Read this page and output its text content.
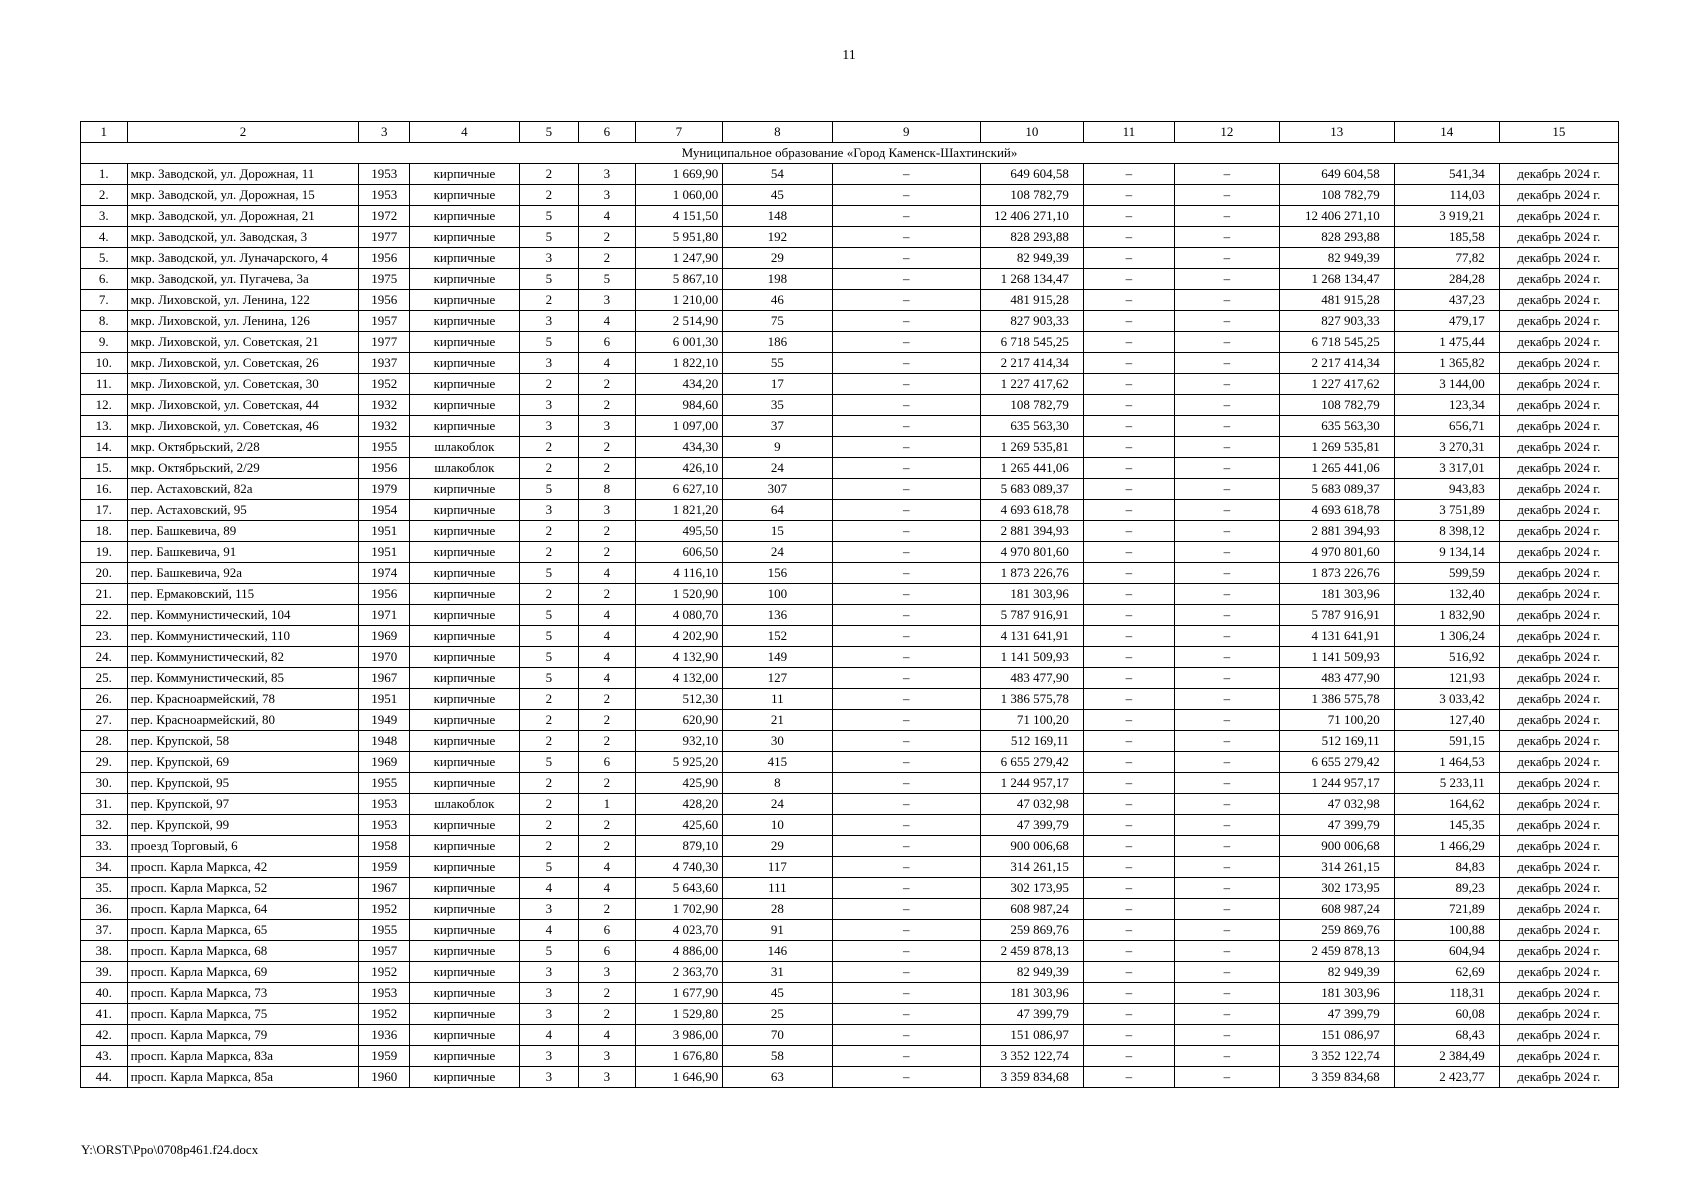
11
1	2	3	4	5	6	7	8	9	10	11	12	13	14	15
Муниципальное образование «Город Каменск-Шахтинский»														
1.	мкр. Заводской, ул. Дорожная, 11	1953	кирпичные	2	3	1 669,90	54	–	649 604,58	–	–	649 604,58	541,34	декабрь 2024 г.
2.	мкр. Заводской, ул. Дорожная, 15	1953	кирпичные	2	3	1 060,00	45	–	108 782,79	–	–	108 782,79	114,03	декабрь 2024 г.
3.	мкр. Заводской, ул. Дорожная, 21	1972	кирпичные	5	4	4 151,50	148	–	12 406 271,10	–	–	12 406 271,10	3 919,21	декабрь 2024 г.
4.	мкр. Заводской, ул. Заводская, 3	1977	кирпичные	5	2	5 951,80	192	–	828 293,88	–	–	828 293,88	185,58	декабрь 2024 г.
5.	мкр. Заводской, ул. Луначарского, 4	1956	кирпичные	3	2	1 247,90	29	–	82 949,39	–	–	82 949,39	77,82	декабрь 2024 г.
6.	мкр. Заводской, ул. Пугачева, 3а	1975	кирпичные	5	5	5 867,10	198	–	1 268 134,47	–	–	1 268 134,47	284,28	декабрь 2024 г.
7.	мкр. Лиховской, ул. Ленина, 122	1956	кирпичные	2	3	1 210,00	46	–	481 915,28	–	–	481 915,28	437,23	декабрь 2024 г.
8.	мкр. Лиховской, ул. Ленина, 126	1957	кирпичные	3	4	2 514,90	75	–	827 903,33	–	–	827 903,33	479,17	декабрь 2024 г.
9.	мкр. Лиховской, ул. Советская, 21	1977	кирпичные	5	6	6 001,30	186	–	6 718 545,25	–	–	6 718 545,25	1 475,44	декабрь 2024 г.
10.	мкр. Лиховской, ул. Советская, 26	1937	кирпичные	3	4	1 822,10	55	–	2 217 414,34	–	–	2 217 414,34	1 365,82	декабрь 2024 г.
11.	мкр. Лиховской, ул. Советская, 30	1952	кирпичные	2	2	434,20	17	–	1 227 417,62	–	–	1 227 417,62	3 144,00	декабрь 2024 г.
12.	мкр. Лиховской, ул. Советская, 44	1932	кирпичные	3	2	984,60	35	–	108 782,79	–	–	108 782,79	123,34	декабрь 2024 г.
13.	мкр. Лиховской, ул. Советская, 46	1932	кирпичные	3	3	1 097,00	37	–	635 563,30	–	–	635 563,30	656,71	декабрь 2024 г.
14.	мкр. Октябрьский, 2/28	1955	шлакоблок	2	2	434,30	9	–	1 269 535,81	–	–	1 269 535,81	3 270,31	декабрь 2024 г.
15.	мкр. Октябрьский, 2/29	1956	шлакоблок	2	2	426,10	24	–	1 265 441,06	–	–	1 265 441,06	3 317,01	декабрь 2024 г.
16.	пер. Астаховский, 82а	1979	кирпичные	5	8	6 627,10	307	–	5 683 089,37	–	–	5 683 089,37	943,83	декабрь 2024 г.
17.	пер. Астаховский, 95	1954	кирпичные	3	3	1 821,20	64	–	4 693 618,78	–	–	4 693 618,78	3 751,89	декабрь 2024 г.
18.	пер. Башкевича, 89	1951	кирпичные	2	2	495,50	15	–	2 881 394,93	–	–	2 881 394,93	8 398,12	декабрь 2024 г.
19.	пер. Башкевича, 91	1951	кирпичные	2	2	606,50	24	–	4 970 801,60	–	–	4 970 801,60	9 134,14	декабрь 2024 г.
20.	пер. Башкевича, 92а	1974	кирпичные	5	4	4 116,10	156	–	1 873 226,76	–	–	1 873 226,76	599,59	декабрь 2024 г.
21.	пер. Ермаковский, 115	1956	кирпичные	2	2	1 520,90	100	–	181 303,96	–	–	181 303,96	132,40	декабрь 2024 г.
22.	пер. Коммунистический, 104	1971	кирпичные	5	4	4 080,70	136	–	5 787 916,91	–	–	5 787 916,91	1 832,90	декабрь 2024 г.
23.	пер. Коммунистический, 110	1969	кирпичные	5	4	4 202,90	152	–	4 131 641,91	–	–	4 131 641,91	1 306,24	декабрь 2024 г.
24.	пер. Коммунистический, 82	1970	кирпичные	5	4	4 132,90	149	–	1 141 509,93	–	–	1 141 509,93	516,92	декабрь 2024 г.
25.	пер. Коммунистический, 85	1967	кирпичные	5	4	4 132,00	127	–	483 477,90	–	–	483 477,90	121,93	декабрь 2024 г.
26.	пер. Красноармейский, 78	1951	кирпичные	2	2	512,30	11	–	1 386 575,78	–	–	1 386 575,78	3 033,42	декабрь 2024 г.
27.	пер. Красноармейский, 80	1949	кирпичные	2	2	620,90	21	–	71 100,20	–	–	71 100,20	127,40	декабрь 2024 г.
28.	пер. Крупской, 58	1948	кирпичные	2	2	932,10	30	–	512 169,11	–	–	512 169,11	591,15	декабрь 2024 г.
29.	пер. Крупской, 69	1969	кирпичные	5	6	5 925,20	415	–	6 655 279,42	–	–	6 655 279,42	1 464,53	декабрь 2024 г.
30.	пер. Крупской, 95	1955	кирпичные	2	2	425,90	8	–	1 244 957,17	–	–	1 244 957,17	5 233,11	декабрь 2024 г.
31.	пер. Крупской, 97	1953	шлакоблок	2	1	428,20	24	–	47 032,98	–	–	47 032,98	164,62	декабрь 2024 г.
32.	пер. Крупской, 99	1953	кирпичные	2	2	425,60	10	–	47 399,79	–	–	47 399,79	145,35	декабрь 2024 г.
33.	проезд Торговый, 6	1958	кирпичные	2	2	879,10	29	–	900 006,68	–	–	900 006,68	1 466,29	декабрь 2024 г.
34.	просп. Карла Маркса, 42	1959	кирпичные	5	4	4 740,30	117	–	314 261,15	–	–	314 261,15	84,83	декабрь 2024 г.
35.	просп. Карла Маркса, 52	1967	кирпичные	4	4	5 643,60	111	–	302 173,95	–	–	302 173,95	89,23	декабрь 2024 г.
36.	просп. Карла Маркса, 64	1952	кирпичные	3	2	1 702,90	28	–	608 987,24	–	–	608 987,24	721,89	декабрь 2024 г.
37.	просп. Карла Маркса, 65	1955	кирпичные	4	6	4 023,70	91	–	259 869,76	–	–	259 869,76	100,88	декабрь 2024 г.
38.	просп. Карла Маркса, 68	1957	кирпичные	5	6	4 886,00	146	–	2 459 878,13	–	–	2 459 878,13	604,94	декабрь 2024 г.
39.	просп. Карла Маркса, 69	1952	кирпичные	3	3	2 363,70	31	–	82 949,39	–	–	82 949,39	62,69	декабрь 2024 г.
40.	просп. Карла Маркса, 73	1953	кирпичные	3	2	1 677,90	45	–	181 303,96	–	–	181 303,96	118,31	декабрь 2024 г.
41.	просп. Карла Маркса, 75	1952	кирпичные	3	2	1 529,80	25	–	47 399,79	–	–	47 399,79	60,08	декабрь 2024 г.
42.	просп. Карла Маркса, 79	1936	кирпичные	4	4	3 986,00	70	–	151 086,97	–	–	151 086,97	68,43	декабрь 2024 г.
43.	просп. Карла Маркса, 83а	1959	кирпичные	3	3	1 676,80	58	–	3 352 122,74	–	–	3 352 122,74	2 384,49	декабрь 2024 г.
44.	просп. Карла Маркса, 85а	1960	кирпичные	3	3	1 646,90	63	–	3 359 834,68	–	–	3 359 834,68	2 423,77	декабрь 2024 г.
Y:\ORST\Ppo\0708p461.f24.docx
